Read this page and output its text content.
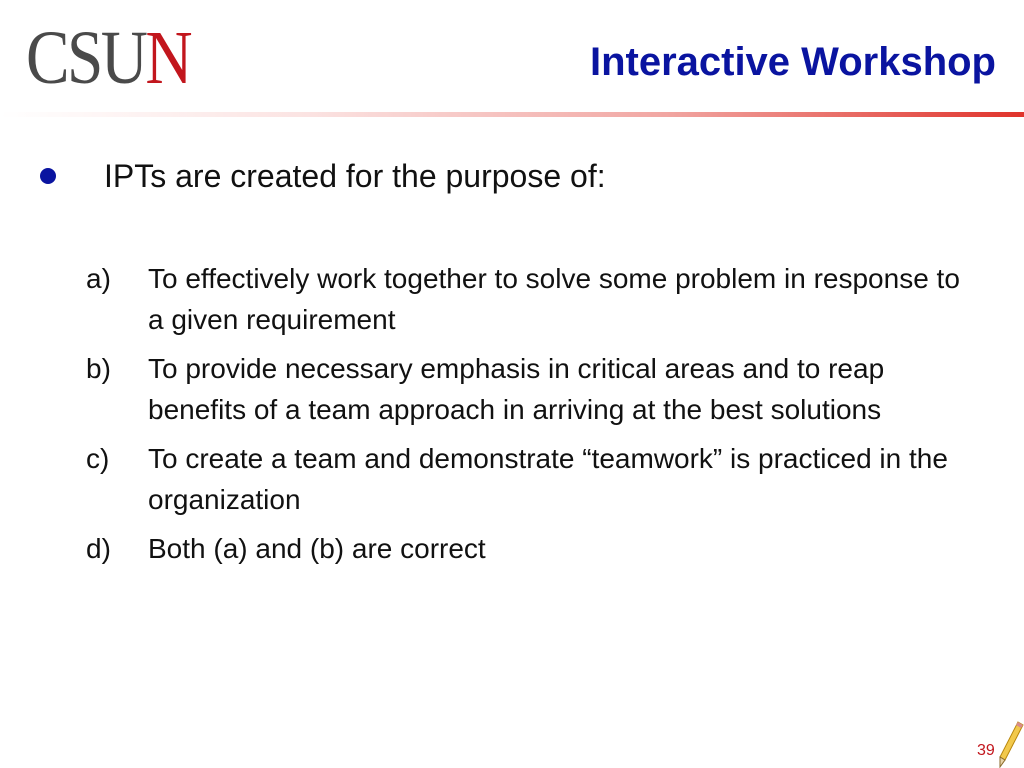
CSUN	Interactive Workshop
IPTs are created for the purpose of:
a)	To effectively work together to solve some problem in response to a given requirement
b)	To provide necessary emphasis in critical areas and to reap benefits of a team approach in arriving at the best solutions
c)	To create a team and demonstrate “teamwork” is practiced in the organization
d)	Both (a) and (b) are correct
39
